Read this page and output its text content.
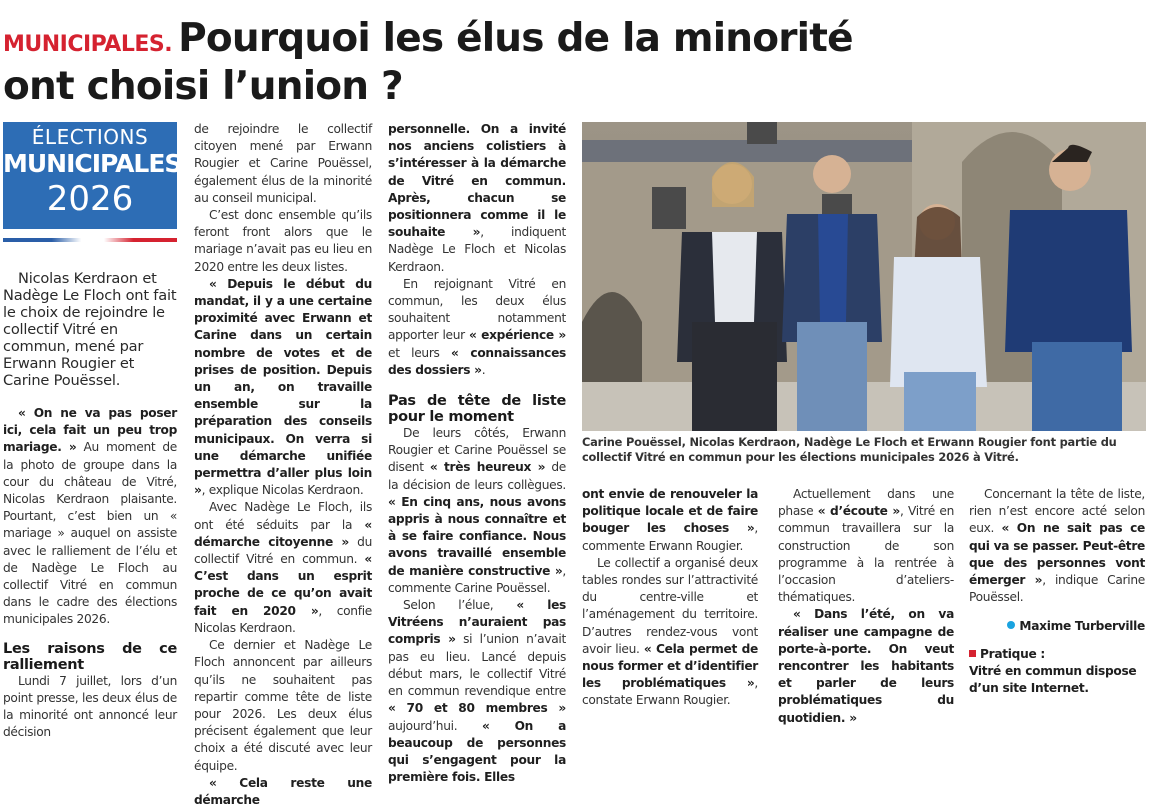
MUNICIPALES. Pourquoi les élus de la minorité
ont choisi l’union ?
ÉLECTIONS
MUNICIPALES
2026

Nicolas Kerdraon et Nadège Le Floch ont fait le choix de rejoindre le collectif Vitré en commun, mené par Erwann Rougier et Carine Pouëssel.

« On ne va pas poser ici, cela fait un peu trop mariage. » Au moment de la photo de groupe dans la cour du château de Vitré, Nicolas Kerdraon plaisante. Pourtant, c’est bien un « mariage » auquel on assiste avec le ralliement de l’élu et de Nadège Le Floch au collectif Vitré en commun dans le cadre des élections municipales 2026.

Les raisons de ce ralliement

Lundi 7 juillet, lors d’un point presse, les deux élus de la minorité ont annoncé leur décision

de rejoindre le collectif citoyen mené par Erwann Rougier et Carine Pouëssel, également élus de la minorité au conseil municipal.

C’est donc ensemble qu’ils feront front alors que le mariage n’avait pas eu lieu en 2020 entre les deux listes.

« Depuis le début du mandat, il y a une certaine proximité avec Erwann et Carine dans un certain nombre de votes et de prises de position. Depuis un an, on travaille ensemble sur la préparation des conseils municipaux. On verra si une démarche unifiée permettra d’aller plus loin », explique Nicolas Kerdraon.

Avec Nadège Le Floch, ils ont été séduits par la « démarche citoyenne » du collectif Vitré en commun. « C’est dans un esprit proche de ce qu’on avait fait en 2020 », confie Nicolas Kerdraon.

Ce dernier et Nadège Le Floch annoncent par ailleurs qu’ils ne souhaitent pas repartir comme tête de liste pour 2026. Les deux élus précisent également que leur choix a été discuté avec leur équipe.

« Cela reste une démarche

personnelle. On a invité nos anciens colistiers à s’intéresser à la démarche de Vitré en commun. Après, chacun se positionnera comme il le souhaite », indiquent Nadège Le Floch et Nicolas Kerdraon.

En rejoignant Vitré en commun, les deux élus souhaitent notamment apporter leur « expérience » et leurs « connaissances des dossiers ».

Pas de tête de liste pour le moment

De leurs côtés, Erwann Rougier et Carine Pouëssel se disent « très heureux » de la décision de leurs collègues. « En cinq ans, nous avons appris à nous connaître et à se faire confiance. Nous avons travaillé ensemble de manière constructive », commente Carine Pouëssel.

Selon l’élue, « les Vitréens n’auraient pas compris » si l’union n’avait pas eu lieu. Lancé depuis début mars, le collectif Vitré en commun revendique entre « 70 et 80 membres » aujourd’hui. « On a beaucoup de personnes qui s’engagent pour la première fois. Elles

Carine Pouëssel, Nicolas Kerdraon, Nadège Le Floch et Erwann Rougier font partie du collectif Vitré en commun pour les élections municipales 2026 à Vitré.

ont envie de renouveler la politique locale et de faire bouger les choses », commente Erwann Rougier.

Le collectif a organisé deux tables rondes sur l’attractivité du centre-ville et l’aménagement du territoire. D’autres rendez-vous vont avoir lieu. « Cela permet de nous former et d’identifier les problématiques », constate Erwann Rougier.

Actuellement dans une phase « d’écoute », Vitré en commun travaillera sur la construction de son programme à la rentrée à l’occasion d’ateliers-thématiques.

« Dans l’été, on va réaliser une campagne de porte-à-porte. On veut rencontrer les habitants et parler de leurs problématiques du quotidien. »

Concernant la tête de liste, rien n’est encore acté selon eux. « On ne sait pas ce qui va se passer. Peut-être que des personnes vont émerger », indique Carine Pouëssel.

Maxime Turberville

Pratique :
Vitré en commun dispose d’un site Internet.
